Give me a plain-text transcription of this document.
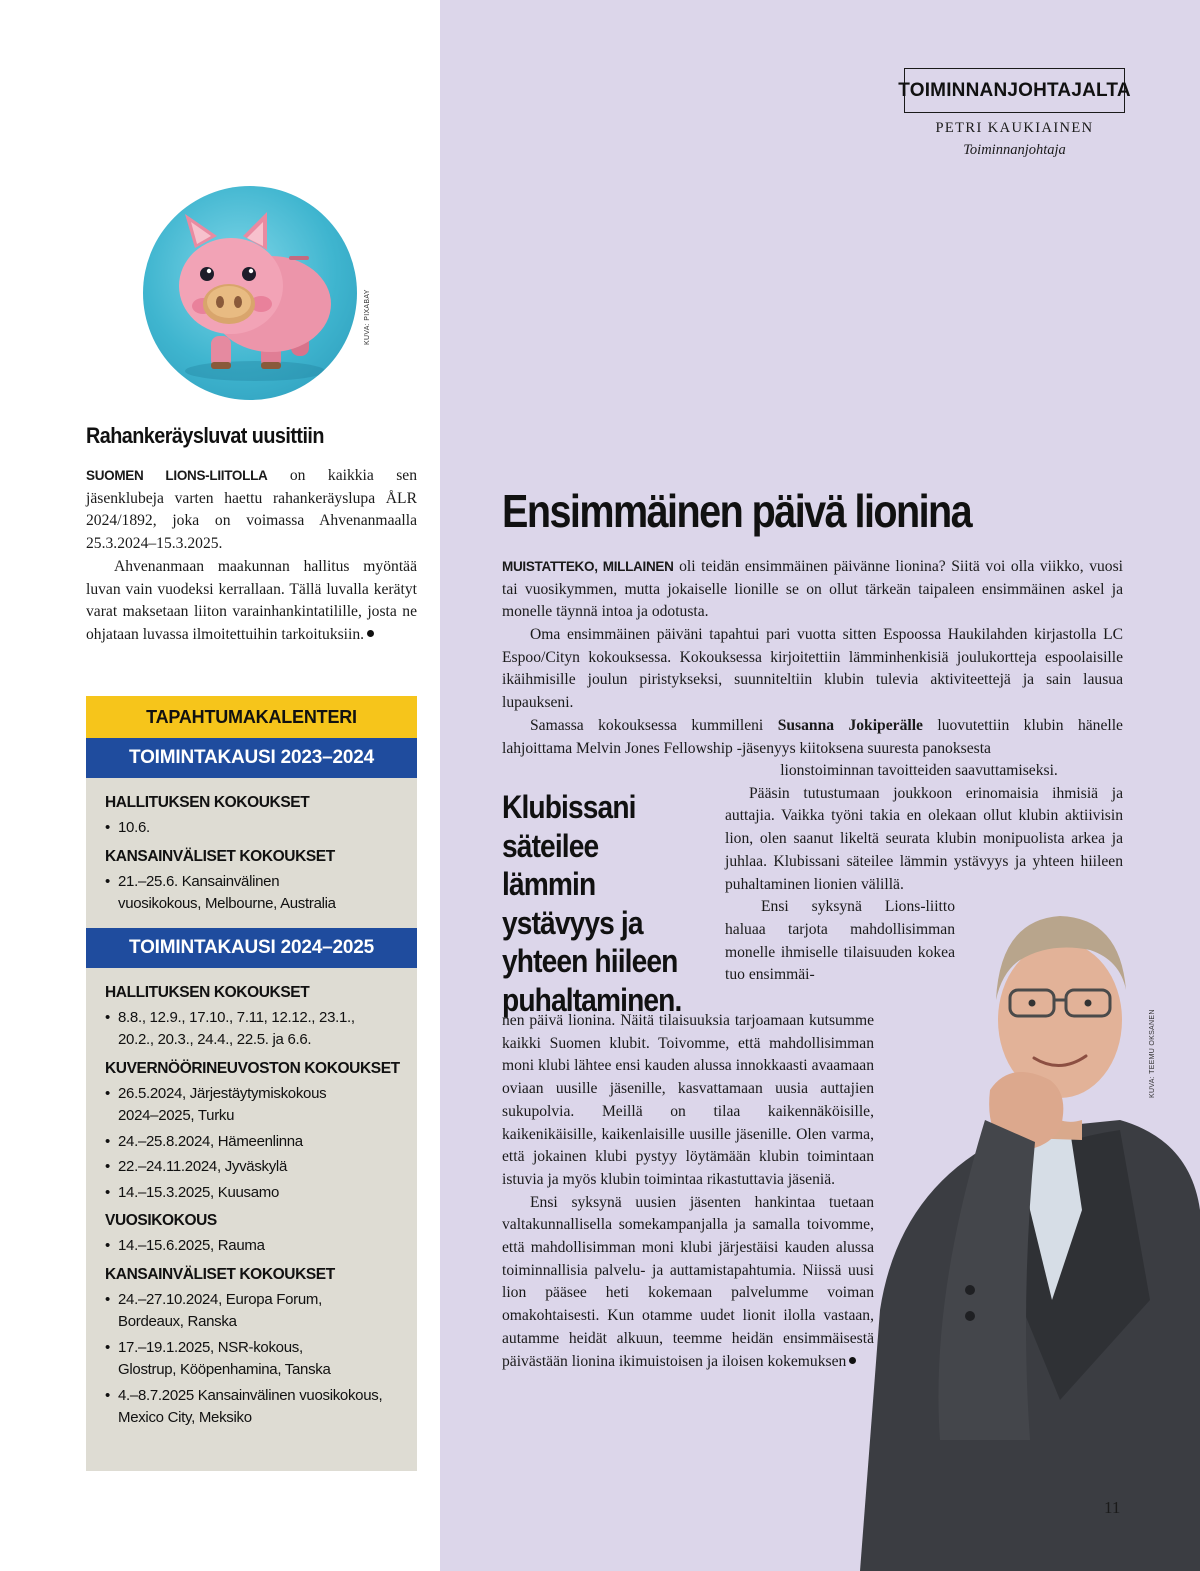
KUVA: PIXABAY
Rahankeräysluvat uusittiin

SUOMEN LIONS-LIITOLLA on kaikkia sen jäsenklubeja varten haettu rahankeräyslupa ÅLR 2024/1892, joka on voimassa Ahvenanmaalla 25.3.2024–15.3.2025.

Ahvenanmaan maakunnan hallitus myöntää luvan vain vuodeksi kerrallaan. Tällä luvalla kerätyt varat maksetaan liiton varainhankintatilille, josta ne ohjataan luvassa ilmoitettuihin tarkoituksiin.

TAPAHTUMAKALENTERI
TOIMINTAKAUSI 2023–2024
HALLITUKSEN KOKOUKSET
• 10.6.
KANSAINVÄLISET KOKOUKSET
• 21.–25.6. Kansainvälinen
vuosikokous, Melbourne, Australia
TOIMINTAKAUSI 2024–2025
HALLITUKSEN KOKOUKSET
• 8.8., 12.9., 17.10., 7.11, 12.12., 23.1.,
20.2., 20.3., 24.4., 22.5. ja 6.6.
KUVERNÖÖRINEUVOSTON KOKOUKSET
• 26.5.2024, Järjestäytymiskokous
2024–2025, Turku
• 24.–25.8.2024, Hämeenlinna
• 22.–24.11.2024, Jyväskylä
• 14.–15.3.2025, Kuusamo
VUOSIKOKOUS
• 14.–15.6.2025, Rauma
KANSAINVÄLISET KOKOUKSET
• 24.–27.10.2024, Europa Forum,
Bordeaux, Ranska
• 17.–19.1.2025, NSR-kokous,
Glostrup, Kööpenhamina, Tanska
• 4.–8.7.2025 Kansainvälinen vuosikokous,
Mexico City, Meksiko
TOIMINNANJOHTAJALTA
PETRI KAUKIAINEN
Toiminnanjohtaja
Ensimmäinen päivä lionina

MUISTATTEKO, MILLAINEN oli teidän ensimmäinen päivänne lionina? Siitä voi olla viikko, vuosi tai vuosikymmen, mutta jokaiselle lionille se on ollut tärkeän taipaleen ensimmäinen askel ja monelle täynnä intoa ja odotusta.

Oma ensimmäinen päiväni tapahtui pari vuotta sitten Espoossa Haukilahden kirjastolla LC Espoo/Cityn kokouksessa. Kokouksessa kirjoitettiin lämminhenkisiä joulukortteja espoolaisille ikäihmisille joulun piristykseksi, suunniteltiin klubin tulevia aktiviteettejä ja sain lausua lupaukseni.

Samassa kokouksessa kummilleni Susanna Jokiperälle luovutettiin klubin hänelle lahjoittama Melvin Jones Fellowship -jäsenyys kiitoksena suuresta panoksesta

lionstoiminnan tavoitteiden saavuttamiseksi.
Pääsin tutustumaan joukkoon erinomaisia ihmisiä ja auttajia. Vaikka työni takia en olekaan ollut klubin aktiivisin lion, olen saanut likeltä seurata klubin monipuolista arkea ja juhlaa. Klubissani säteilee lämmin ystävyys ja yhteen hiileen puhaltaminen lionien välillä.
Ensi syksynä Lions-liitto haluaa tarjota mahdollisimman monelle ihmiselle tilaisuuden kokea tuo ensimmäi-
Klubissani säteilee lämmin ystävyys ja yhteen hiileen puhaltaminen.
nen päivä lionina. Näitä tilaisuuksia tarjoamaan kutsumme kaikki Suomen klubit. Toivomme, että mahdollisimman moni klubi lähtee ensi kauden alussa innokkaasti avaamaan oviaan uusille jäsenille, kasvattamaan uusia auttajien sukupolvia. Meillä on tilaa kaikennäköisille, kaikenikäisille, kaikenlaisille uusille jäsenille. Olen varma, että jokainen klubi pystyy löytämään klubin toimintaan istuvia ja myös klubin toimintaa rikastuttavia jäseniä.
Ensi syksynä uusien jäsenten hankintaa tuetaan valtakunnallisella somekampanjalla ja samalla toivomme, että mahdollisimman moni klubi järjestäisi kauden alussa toiminnallisia palvelu- ja auttamistapahtumia. Niissä uusi lion pääsee heti kokemaan palvelumme voiman omakohtaisesti. Kun otamme uudet lionit ilolla vastaan, autamme heidät alkuun, teemme heidän ensimmäisestä päivästään lionina ikimuistoisen ja iloisen kokemuksen
KUVA: TEEMU OKSANEN
11
